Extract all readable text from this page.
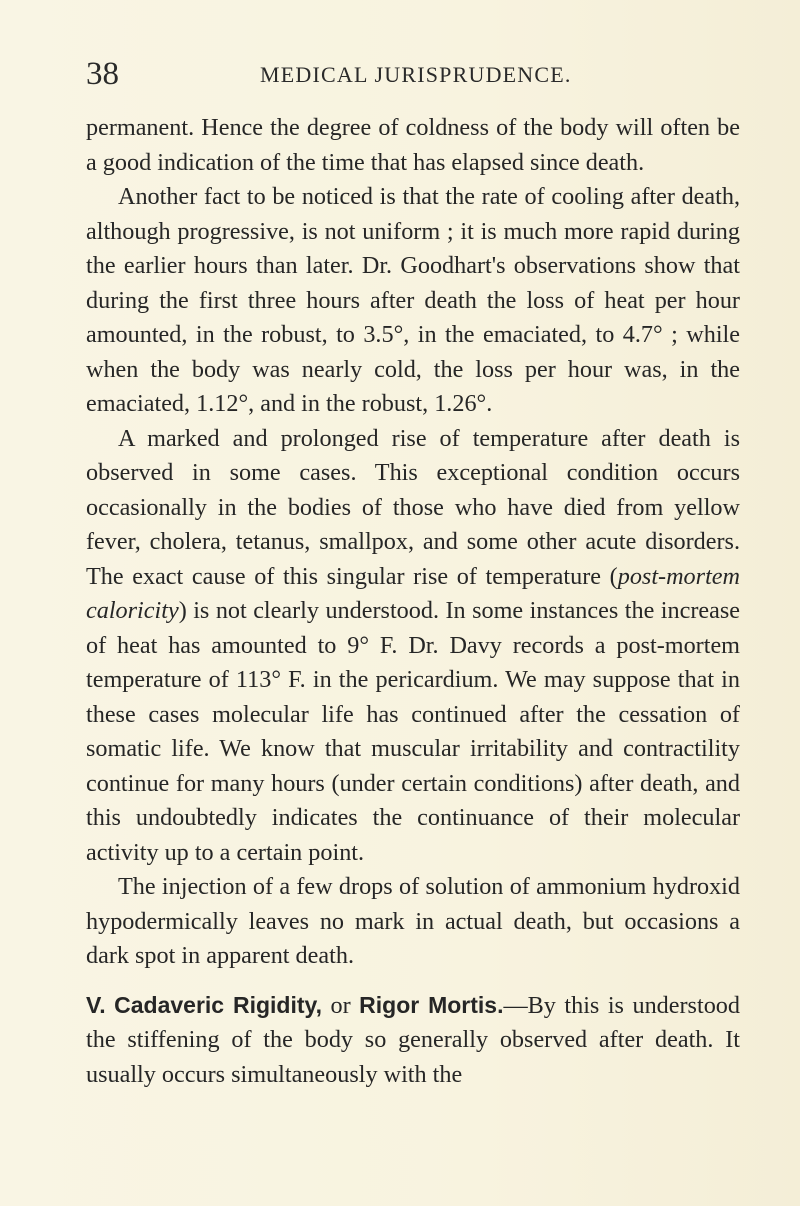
38	MEDICAL JURISPRUDENCE.

permanent. Hence the degree of coldness of the body will often be a good indication of the time that has elapsed since death.

Another fact to be noticed is that the rate of cooling after death, although progressive, is not uniform ; it is much more rapid during the earlier hours than later. Dr. Goodhart's observations show that during the first three hours after death the loss of heat per hour amounted, in the robust, to 3.5°, in the emaciated, to 4.7° ; while when the body was nearly cold, the loss per hour was, in the emaciated, 1.12°, and in the robust, 1.26°.

A marked and prolonged rise of temperature after death is observed in some cases. This exceptional condition occurs occasionally in the bodies of those who have died from yellow fever, cholera, tetanus, smallpox, and some other acute disorders. The exact cause of this singular rise of temperature (post-mortem caloricity) is not clearly understood. In some instances the increase of heat has amounted to 9° F. Dr. Davy records a post-mortem temperature of 113° F. in the pericardium. We may suppose that in these cases molecular life has continued after the cessation of somatic life. We know that muscular irritability and contractility continue for many hours (under certain conditions) after death, and this undoubtedly indicates the continuance of their molecular activity up to a certain point.

The injection of a few drops of solution of ammonium hydroxid hypodermically leaves no mark in actual death, but occasions a dark spot in apparent death.

V. Cadaveric Rigidity, or Rigor Mortis.—By this is understood the stiffening of the body so generally observed after death. It usually occurs simultaneously with the
